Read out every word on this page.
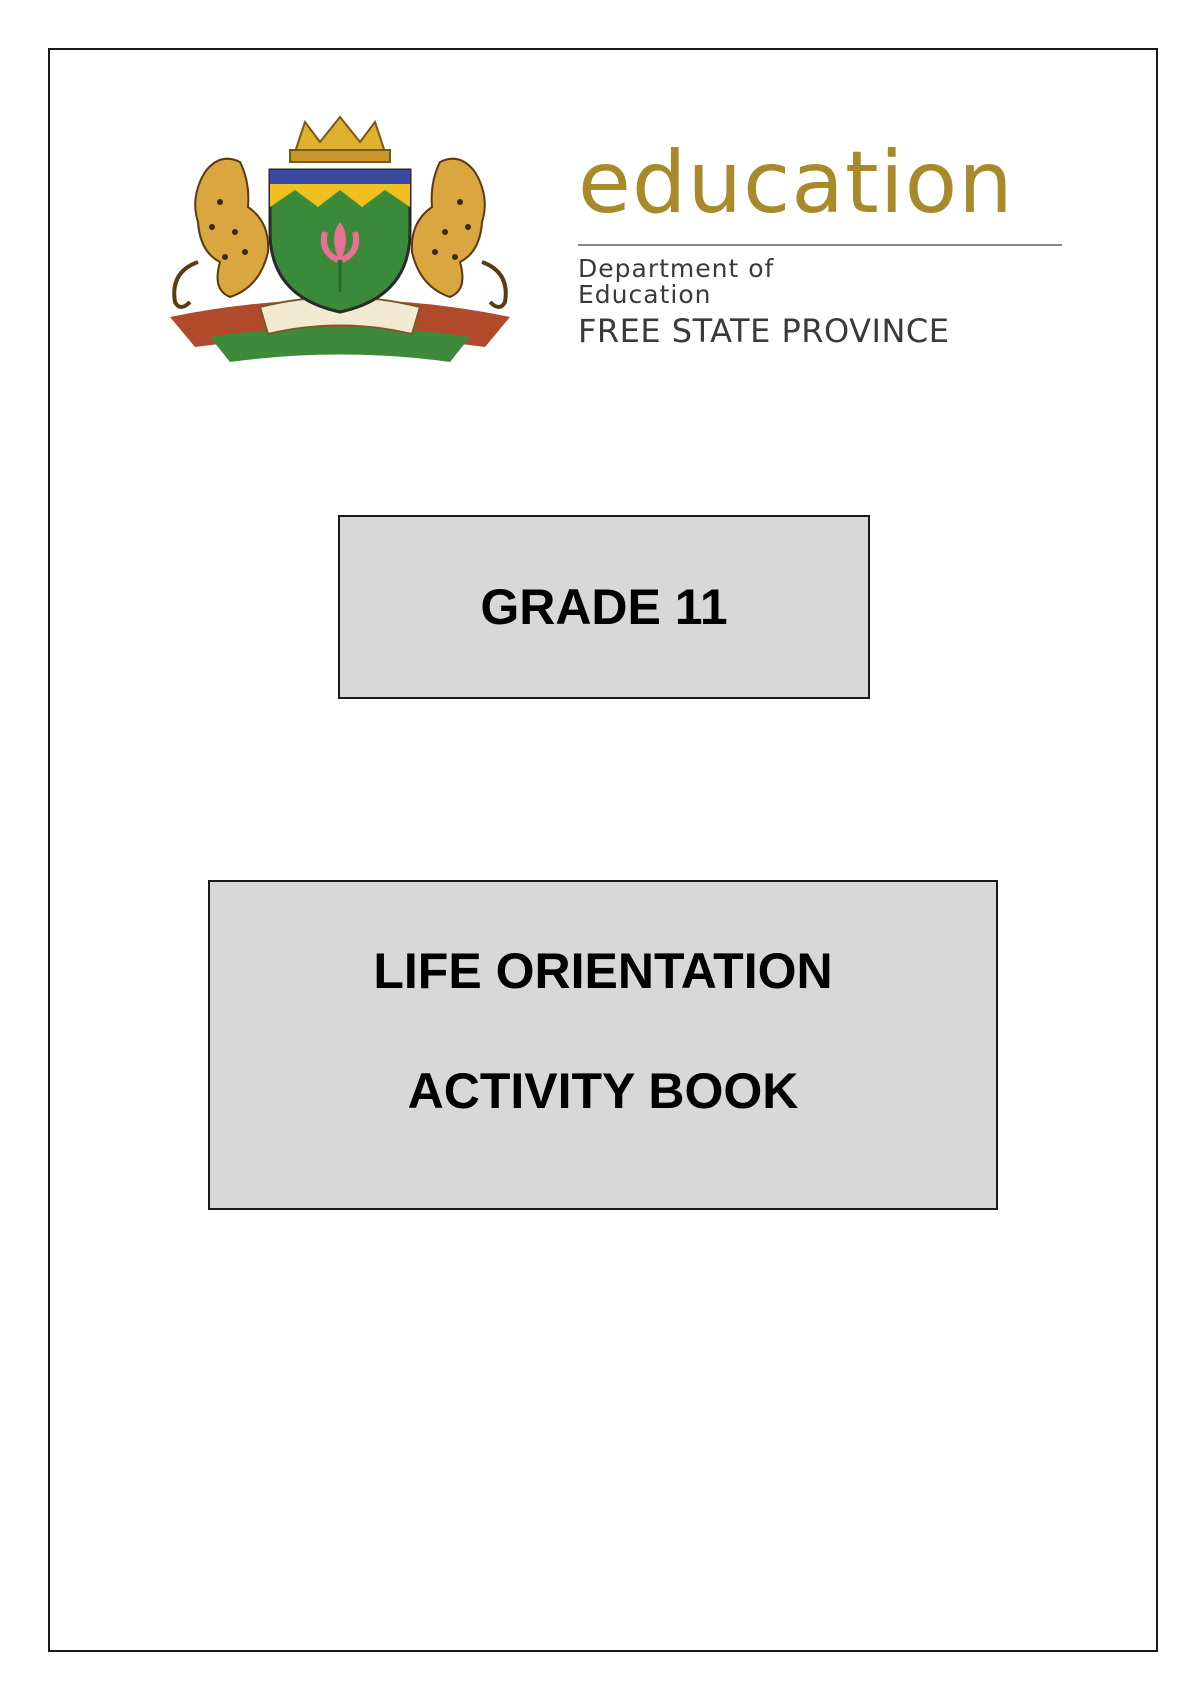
education

Department of

Education

FREE STATE PROVINCE

GRADE 11
LIFE ORIENTATION
ACTIVITY BOOK
